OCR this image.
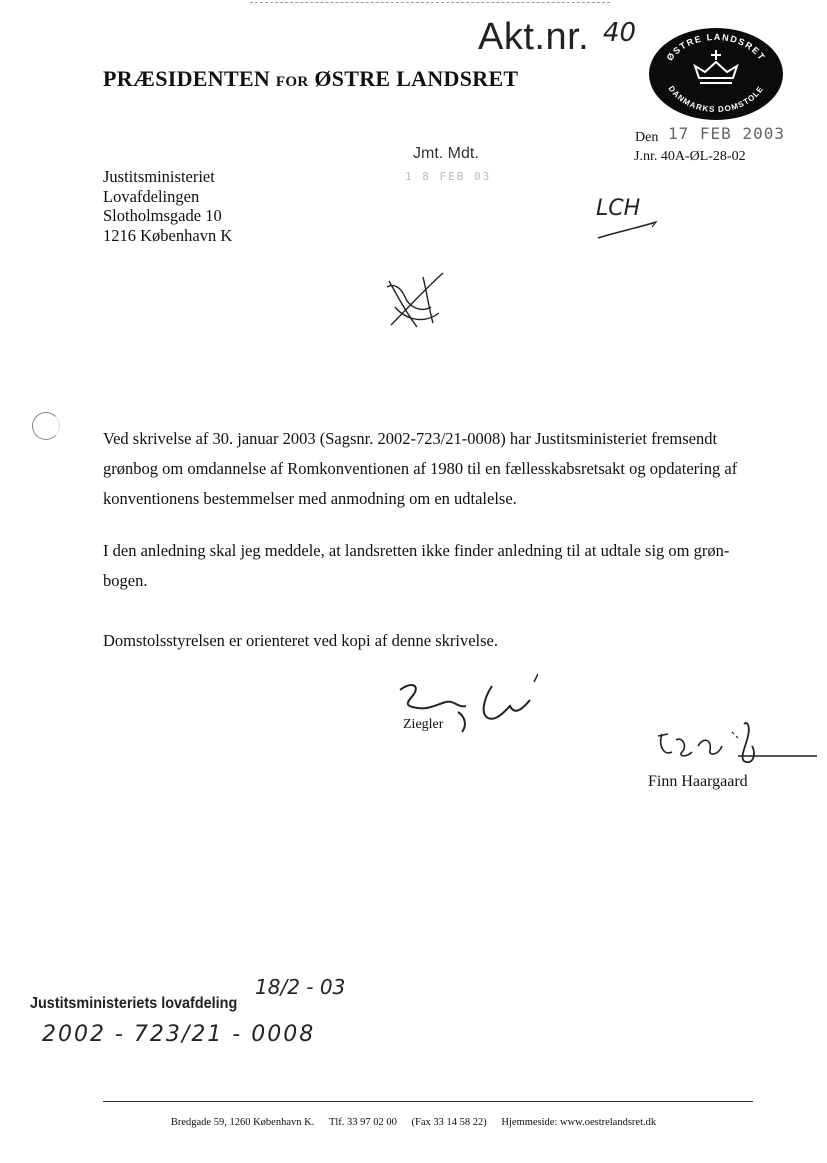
Akt.nr. 40
PRÆSIDENTEN FOR ØSTRE LANDSRET
ØSTRE LANDSRET
DANMARKS DOMSTOLE
Den 17 FEB 2003
J.nr. 40A-ØL-28-02
Jmt. Mdt.
1 8 FEB 03
Justitsministeriet
Lovafdelingen
Slotholmsgade 10
1216 København K
LCH
Ved skrivelse af 30. januar 2003 (Sagsnr. 2002-723/21-0008) har Justitsministeriet fremsendt grønbog om omdannelse af Romkonventionen af 1980 til en fællesskabsretsakt og opdatering af konventionens bestemmelser med anmodning om en udtalelse.
I den anledning skal jeg meddele, at landsretten ikke finder anledning til at udtale sig om grøn-bogen.
Domstolsstyrelsen er orienteret ved kopi af denne skrivelse.
Ziegler
Finn Haargaard
18/2 - 03
Justitsministeriets lovafdeling
2002 - 723/21 - 0008
Bredgade 59, 1260 København K. Tlf. 33 97 02 00 (Fax 33 14 58 22) Hjemmeside: www.oestrelandsret.dk
